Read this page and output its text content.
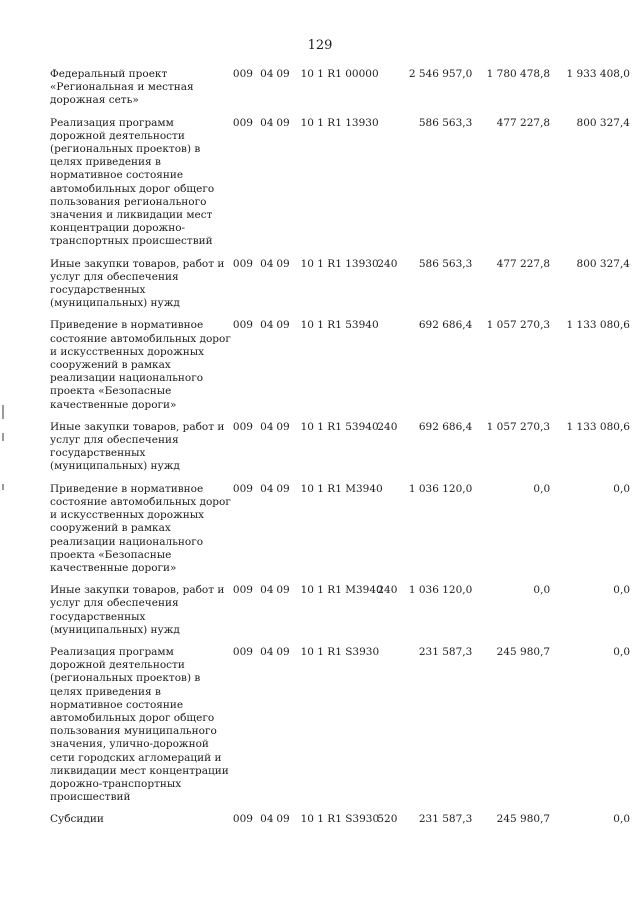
129
Федеральный проект «Региональная и местная дорожная сеть»	009	04	09	10 1 R1 00000		2 546 957,0	1 780 478,8	1 933 408,0

Реализация программ дорожной деятельности (региональных проектов) в целях приведения в нормативное состояние автомобильных дорог общего пользования регионального значения и ликвидации мест концентрации дорожно-транспортных происшествий	009	04	09	10 1 R1 13930		586 563,3	477 227,8	800 327,4

Иные закупки товаров, работ и услуг для обеспечения государственных (муниципальных) нужд	009	04	09	10 1 R1 13930	240	586 563,3	477 227,8	800 327,4

Приведение в нормативное состояние автомобильных дорог и искусственных дорожных сооружений в рамках реализации национального проекта «Безопасные качественные дороги»	009	04	09	10 1 R1 53940		692 686,4	1 057 270,3	1 133 080,6

Иные закупки товаров, работ и услуг для обеспечения государственных (муниципальных) нужд	009	04	09	10 1 R1 53940	240	692 686,4	1 057 270,3	1 133 080,6

Приведение в нормативное состояние автомобильных дорог и искусственных дорожных сооружений в рамках реализации национального проекта «Безопасные качественные дороги»	009	04	09	10 1 R1 M3940		1 036 120,0	0,0	0,0

Иные закупки товаров, работ и услуг для обеспечения государственных (муниципальных) нужд	009	04	09	10 1 R1 M3940	240	1 036 120,0	0,0	0,0

Реализация программ дорожной деятельности (региональных проектов) в целях приведения в нормативное состояние автомобильных дорог общего пользования муниципального значения, улично-дорожной сети городских агломераций и ликвидации мест концентрации дорожно-транспортных происшествий	009	04	09	10 1 R1 S3930		231 587,3	245 980,7	0,0

Субсидии	009	04	09	10 1 R1 S3930	520	231 587,3	245 980,7	0,0
